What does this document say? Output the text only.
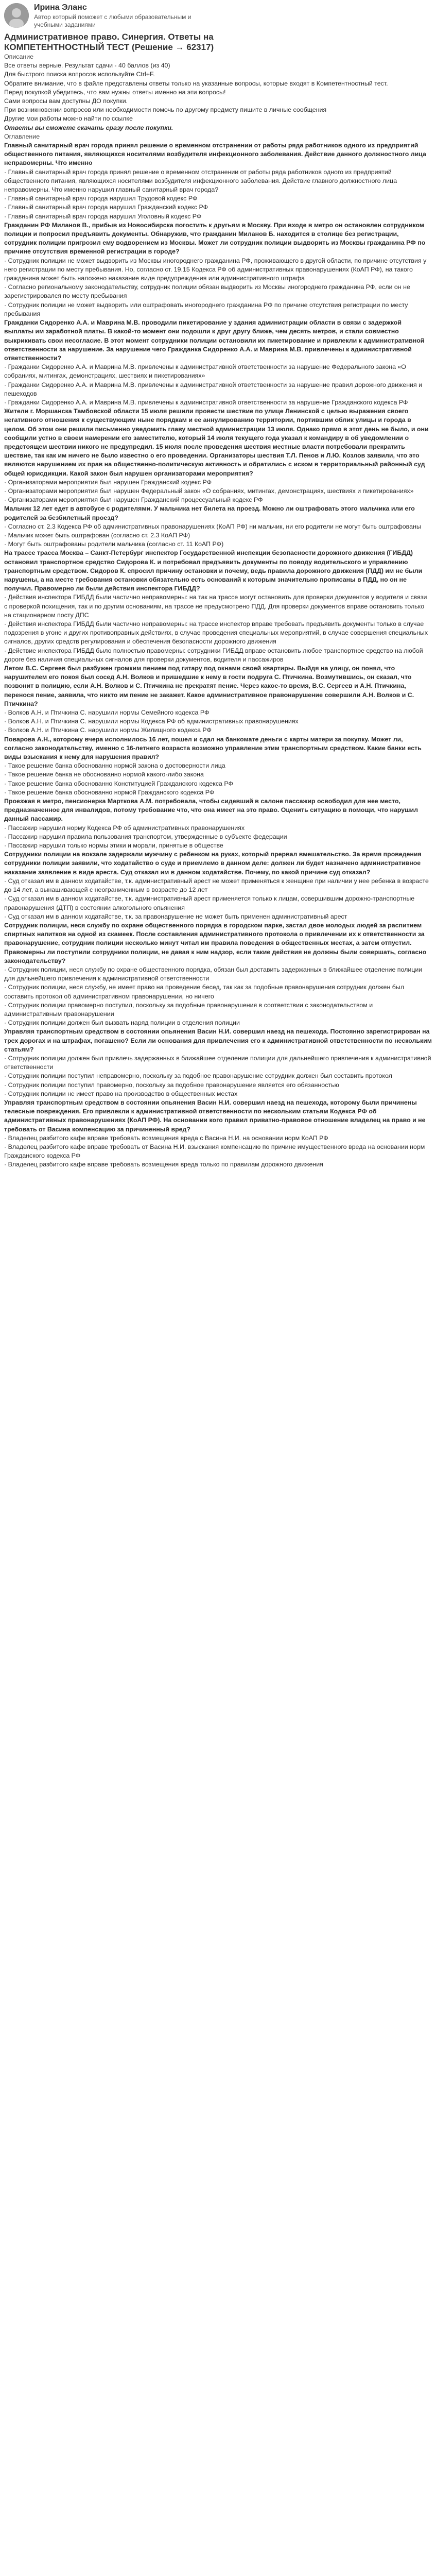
Ирина Эланс
Автор который поможет с любыми образовательным и
учебными заданиями
Административное право. Синергия. Ответы на
КОМПЕТЕНТНОСТНЫЙ ТЕСТ (Решение → 62317)

Описание

Все ответы верные. Результат сдачи - 40 баллов (из 40)

Для быстрого поиска вопросов используйте Ctrl+F.

Обратите внимание, что в файле представлены ответы только на указанные вопросы, которые входят в Компетентностный тест.

Перед покупкой убедитесь, что вам нужны ответы именно на эти вопросы!

Сами вопросы вам доступны ДО покупки.

При возникновении вопросов или необходимости помочь по другому предмету пишите в личные сообщения

Другие мои работы можно найти по ссылке

Ответы вы сможете скачать сразу после покупки.

Оглавление

Главный санитарный врач города принял решение о временном отстранении от работы ряда работников одного из предприятий общественного питания, являющихся носителями возбудителя инфекционного заболевания. Действие данного должностного лица неправомерны. Что именно

· Главный санитарный врач города принял решение о временном отстранении от работы ряда работников одного из предприятий общественного питания, являющихся носителями возбудителя инфекционного заболевания. Действие главного должностного лица неправомерны. Что именно нарушил главный санитарный врач города?

· Главный санитарный врач города нарушил Трудовой кодекс РФ

· Главный санитарный врач города нарушил Гражданский кодекс РФ

· Главный санитарный врач города нарушил Уголовный кодекс РФ

Гражданин РФ Миланов В., прибыв из Новосибирска погостить к другьям в Москву. При входе в метро он остановлен сотрудником полиции и попросил предъявить документы. Обнаружив, что гражданин Миланов Б. находится в столице без регистрации, сотрудник полиции пригрозил ему водворением из Москвы. Может ли сотрудник полиции выдворить из Москвы гражданина РФ по причине отсутствия временной регистрации в городе?

· Сотрудник полиции не может выдворить из Москвы иногороднего гражданина РФ, проживающего в другой области, по причине отсутствия у него регистрации по месту пребывания. Но, согласно ст. 19.15 Кодекса РФ об административных правонарушениях (КоАП РФ), на такого гражданина может быть наложено наказание виде предупреждения или административного штрафа

· Согласно региональному законодательству, сотрудник полиции обязан выдворить из Москвы иногороднего гражданина РФ, если он не зарегистрировался по месту пребывания

· Сотрудник полиции не может выдворить или оштрафовать иногороднего гражданина РФ по причине отсутствия регистрации по месту пребывания

Гражданки Сидоренко А.А. и Маврина М.В. проводили пикетирование у здания администрации области в связи с задержкой выплаты им заработной платы. В какой-то момент они подошли к друг другу ближе, чем десять метров, и стали совместно выкрикивать свои несогласие. В этот момент сотрудники полиции остановили их пикетирование и привлекли к административной ответственности за нарушение. За нарушение чего Гражданка Сидоренко А.А. и Маврина М.В. привлечены к административной ответственности?

· Гражданки Сидоренко А.А. и Маврина М.В. привлечены к административной ответственности за нарушение Федерального закона «О собраниях, митингах, демонстрациях, шествиях и пикетированиях»

· Гражданки Сидоренко А.А. и Маврина М.В. привлечены к административной ответственности за нарушение правил дорожного движения и пешеходов

· Гражданки Сидоренко А.А. и Маврина М.В. привлечены к административной ответственности за нарушение Гражданского кодекса РФ

Жители г. Моршанска Тамбовской области 15 июля решили провести шествие по улице Ленинской с целью выражения своего негативного отношения к существующим ныне порядкам и ее аннулированию территории, портившим облик улицы и города в целом. Об этом они решили письменно уведомить главу местной администрации 13 июля. Однако прямо в этот день не было, и они сообщили устно в своем намерении его заместителю, который 14 июля текущего года указал к командиру в об уведомлении о предстоящем шествии никого не предупредил. 15 июля после проведения шествия местные власти потребовали прекратить шествие, так как им ничего не было известно о его проведении. Организаторы шествия Т.Л. Пенов и Л.Ю. Козлов заявили, что это являются нарушением их прав на общественно-политическую активность и обратились с иском в территориальный районный суд общей юрисдикции. Какой закон был нарушен организаторами мероприятия?

· Организаторами мероприятия был нарушен Гражданский кодекс РФ

· Организаторами мероприятия был нарушен Федеральный закон «О собраниях, митингах, демонстрациях, шествиях и пикетированиях»

· Организаторами мероприятия был нарушен Гражданский процессуальный кодекс РФ

Мальчик 12 лет едет в автобусе с родителями. У мальчика нет билета на проезд. Можно ли оштрафовать этого мальчика или его родителей за безбилетный проезд?

· Согласно ст. 2.3 Кодекса РФ об административных правонарушениях (КоАП РФ) ни мальчик, ни его родители не могут быть оштрафованы

· Мальчик может быть оштрафован (согласно ст. 2.3 КоАП РФ)

· Могут быть оштрафованы родители мальчика (согласно ст. 11 КоАП РФ)

На трассе трасса Москва – Санкт-Петербург инспектор Государственной инспекции безопасности дорожного движения (ГИБДД) остановил транспортное средство Сидорова К. и потребовал предъявить документы по поводу водительского и управлению транспортным средством. Сидоров К. спросил причину остановки и почему, ведь правила дорожного движения (ПДД) им не были нарушены, а на месте требования остановки обязательно есть оснований к которым значительно прописаны в ПДД, но он не получил. Правомерно ли были действия инспектора ГИБДД?

· Действия инспектора ГИБДД были частично неправомерны: на так на трассе могут остановить для проверки документов у водителя и связи с проверкой похищения, так и по другим основаниям, на трассе не предусмотрено ПДД. Для проверки документов вправе остановить только на стационарном посту ДПС

· Действия инспектора ГИБДД были частично неправомерны: на трассе инспектор вправе требовать предъявить документы только в случае подозрения в угоне и других противоправных действиях, в случае проведения специальных мероприятий, в случае совершения специальных сигналов, других средств регулирования и обеспечения безопасности дорожного движения

· Действие инспектора ГИБДД было полностью правомерны: сотрудники ГИБДД вправе остановить любое транспортное средство на любой дороге без наличия специальных сигналов для проверки документов, водителя и пассажиров

Летом В.С. Сергеев был разбужен громким пением под гитару под окнами своей квартиры. Выйдя на улицу, он понял, что нарушителем его покоя был сосед А.Н. Волков и пришедшие к нему в гости подруга С. Птичкина. Возмутившись, он сказал, что позвонит в полицию, если А.Н. Волков и С. Птичкина не прекратят пение. Через какое-то время, В.С. Сергеев и А.Н. Птичкина, перенося пение, заявила, что никто им пение не закажет. Какое административное правонарушение совершили А.Н. Волков и С. Птичкина?

· Волков А.Н. и Птичкина С. нарушили нормы Семейного кодекса РФ

· Волков А.Н. и Птичкина С. нарушили нормы Кодекса РФ об административных правонарушениях

· Волков А.Н. и Птичкина С. нарушили нормы Жилищного кодекса РФ

Поварова А.Н., которому вчера исполнилось 16 лет, пошел и сдал на банкомате деньги с карты матери за покупку. Может ли, согласно законодательству, именно с 16-летнего возраста возможно управление этим транспортным средством. Какие банки есть виды взыскания к нему для нарушения правил?

· Такое решение банка обоснованно нормой закона о достоверности лица

· Такое решение банка не обоснованно нормой какого-либо закона

· Такое решение банка обоснованно Конституцией Гражданского кодекса РФ

· Такое решение банка обоснованно нормой Гражданского кодекса РФ

Проезжая в метро, пенсионерка Марткова А.М. потребовала, чтобы сидевший в салоне пассажир освободил для нее место, предназначенное для инвалидов, потому требование что, что она имеет на это право. Оценить ситуацию в помощи, что нарушил данный пассажир.

· Пассажир нарушил норму Кодекса РФ об административных правонарушениях

· Пассажир нарушил правила пользования транспортом, утвержденные в субъекте федерации

· Пассажир нарушил только нормы этики и морали, принятые в обществе

Сотрудники полиции на вокзале задержали мужчину с ребенком на руках, который прервал вмешательство. За время проведения сотрудники полиции заявили, что ходатайство о суде и приемлемо в данном деле: должен ли будет назначено административное наказание заявление в виде ареста. Суд отказал им в данном ходатайстве. Почему, по какой причине суд отказал?

· Суд отказал им в данном ходатайстве, т.к. административный арест не может применяться к женщине при наличии у нее ребенка в возрасте до 14 лет, а вынашивающей с неограниченным в возрасте до 12 лет

· Суд отказал им в данном ходатайстве, т.к. административный арест применяется только к лицам, совершившим дорожно-транспортные правонарушения (ДТП) в состоянии алкогольного опьянения

· Суд отказал им в данном ходатайстве, т.к. за правонарушение не может быть применен административный арест

Сотрудник полиции, неся службу по охране общественного порядка в городском парке, застал двое молодых людей за распитием спиртных напитков на одной из скамеек. После составления административного протокола о привлечении их к ответственности за правонарушение, сотрудник полиции несколько минут читал им правила поведения в общественных местах, а затем отпустил. Правомерны ли поступили сотрудники полиции, не давая к ним надзор, если такие действия не должны были совершать, согласно законодательству?

· Сотрудник полиции, неся службу по охране общественного порядка, обязан был доставить задержанных в ближайшее отделение полиции для дальнейшего привлечения к административной ответственности

· Сотрудник полиции, неся службу, не имеет право на проведение бесед, так как за подобные правонарушения сотрудник должен был составить протокол об административном правонарушении, но ничего

· Сотрудник полиции правомерно поступил, поскольку за подобные правонарушения в соответствии с законодательством и административным правонарушении

· Сотрудник полиции должен был вызвать наряд полиции в отделения полиции

Управляя транспортным средством в состоянии опьянения Васин Н.И. совершил наезд на пешехода. Постоянно зарегистрирован на трех дорогах и на штрафах, погашено? Если ли основания для привлечения его к административной ответственности по нескольким статьям?

· Сотрудник полиции должен был привлечь задержанных в ближайшее отделение полиции для дальнейшего привлечения к административной ответственности

· Сотрудник полиции поступил неправомерно, поскольку за подобное правонарушение сотрудник должен был составить протокол

· Сотрудник полиции поступил правомерно, поскольку за подобное правонарушение является его обязанностью

· Сотрудник полиции не имеет право на производство в общественных местах

Управляя транспортным средством в состоянии опьянения Васин Н.И. совершил наезд на пешехода, которому были причинены телесные повреждения. Его привлекли к административной ответственности по нескольким статьям Кодекса РФ об административных правонарушениях (КоАП РФ). На основании кого правил приватно-правовое отношение владелец на право и не требовать от Васина компенсацию за причиненный вред?

· Владелец разбитого кафе вправе требовать возмещения вреда с Васина Н.И. на основании норм КоАП РФ

· Владелец разбитого кафе вправе требовать от Васина Н.И. взыскания компенсацию по причине имущественного вреда на основании норм Гражданского кодекса РФ

· Владелец разбитого кафе вправе требовать возмещения вреда только по правилам дорожного движения
